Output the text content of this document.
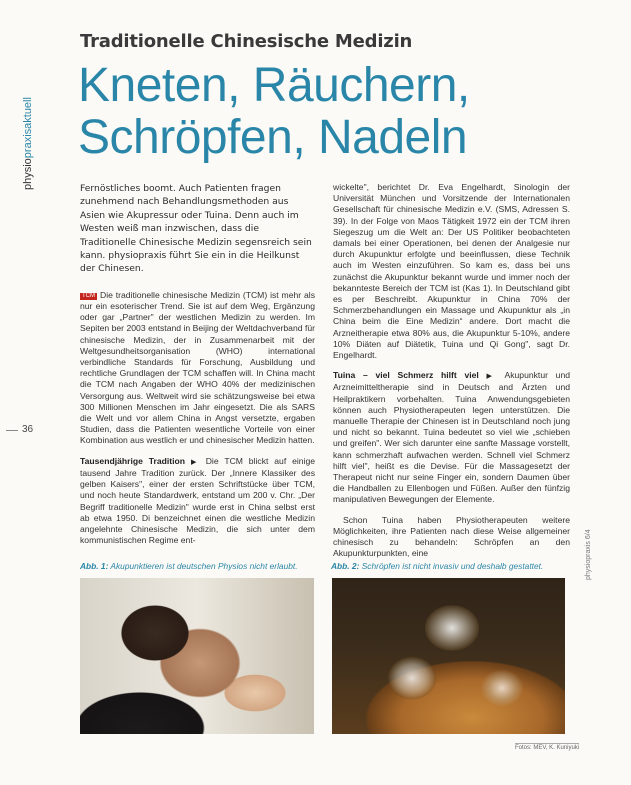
Traditionelle Chinesische Medizin
Kneten, Räuchern,
Schröpfen, Nadeln
physiopraxisaktuell
36
physiopraxis 6/4

Fernöstliches boomt. Auch Patienten fragen zunehmend nach Behandlungsmethoden aus Asien wie Akupressur oder Tuina. Denn auch im Westen weiß man inzwischen, dass die Traditionelle Chinesische Medizin segensreich sein kann. physiopraxis führt Sie ein in die Heilkunst der Chinesen.

TCM Die traditionelle chinesische Medizin (TCM) ist mehr als nur ein esoterischer Trend. Sie ist auf dem Weg, Ergänzung oder gar „Partner" der westlichen Medizin zu werden. Im Sepiten ber 2003 entstand in Beijing der Weltdachverband für chinesische Medizin, der in Zusammenarbeit mit der Weltgesundheitsorganisation (WHO) international verbindliche Standards für Forschung, Ausbildung und rechtliche Grundlagen der TCM schaffen will. In China macht die TCM nach Angaben der WHO 40% der medizinischen Versorgung aus. Weltweit wird sie schätzungsweise bei etwa 300 Millionen Menschen im Jahr eingesetzt. Die als SARS die Welt und vor allem China in Angst versetzte, ergaben Studien, dass die Patienten wesentliche Vorteile von einer Kombination aus westlich er und chinesischer Medizin hatten.

Tausendjährige Tradition ▶ Die TCM blickt auf einige tausend Jahre Tradition zurück. Der „Innere Klassiker des gelben Kaisers", einer der ersten Schriftstücke über TCM, und noch heute Standardwerk, entstand um 200 v. Chr. „Der Begriff traditionelle Medizin" wurde erst in China selbst erst ab etwa 1950. Di benzeichnet einen die westliche Medizin angelehnte Chinesische Medizin, die sich unter dem kommunistischen Regime ent-

wickelte", berichtet Dr. Eva Engelhardt, Sinologin der Universität München und Vorsitzende der Internationalen Gesellschaft für chinesische Medizin e.V. (SMS, Adressen S. 39). In der Folge von Maos Tätigkeit 1972 ein der TCM ihren Siegeszug um die Welt an: Der US Politiker beobachteten damals bei einer Operationen, bei denen der Analgesie nur durch Akupunktur erfolgte und beeinflussen, diese Technik auch im Westen einzuführen. So kam es, dass bei uns zunächst die Akupunktur bekannt wurde und immer noch der bekannteste Bereich der TCM ist (Kas 1). In Deutschland gibt es per Beschreibt. Akupunktur in China 70% der Schmerzbehandlungen ein Massage und Akupunktur als „in China beim die Eine Medizin“ andere. Dort macht die Arzneitherapie etwa 80% aus, die Akupunktur 5-10%, andere 10% Diäten auf Diätetik, Tuina und Qi Gong", sagt Dr. Engelhardt.

Tuina – viel Schmerz hilft viel ▶ Akupunktur und Arzneimitteltherapie sind in Deutsch and Ärzten und Heilpraktikern vorbehalten. Tuina Anwendungsgebieten können auch Physiotherapeuten legen unterstützen. Die manuelle Therapie der Chinesen ist in Deutschland noch jung und nicht so bekannt. Tuina bedeutet so viel wie „schieben und greifen". Wer sich darunter eine sanfte Massage vorstellt, kann schmerzhaft aufwachen werden. Schnell viel Schmerz hilft viel", heißt es die Devise. Für die Massagesetzt der Therapeut nicht nur seine Finger ein, sondern Daumen über die Handballen zu Ellenbogen und Füßen. Außer den fünfzig manipulativen Bewegungen der Elemente.

Schon Tuina haben Physiotherapeuten weitere Möglichkeiten, ihre Patienten nach diese Weise allgemeiner chinesisch zu behandeln: Schröpfen an den Akupunkturpunkten, eine

Abb. 1: Akupunktieren ist deutschen Physios nicht erlaubt.	Abb. 2: Schröpfen ist nicht invasiv und deshalb gestattet.
Fotos: MEV, K. Kuniyuki
